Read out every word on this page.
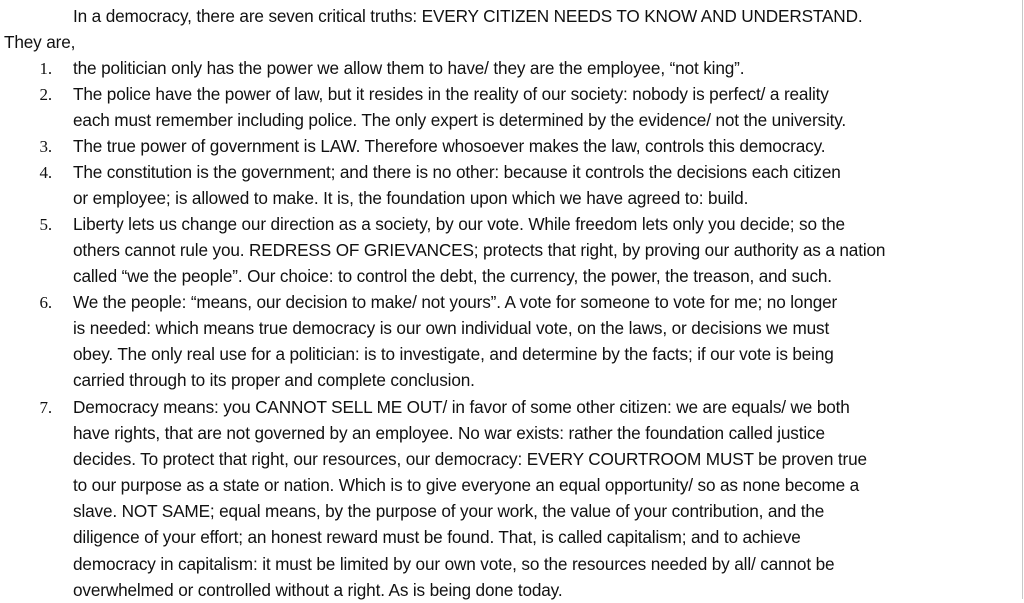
In a democracy, there are seven critical truths: EVERY CITIZEN NEEDS TO KNOW AND UNDERSTAND.
They are,
1. the politician only has the power we allow them to have/ they are the employee, “not king”.
2. The police have the power of law, but it resides in the reality of our society: nobody is perfect/ a reality
each must remember including police. The only expert is determined by the evidence/ not the university.
3. The true power of government is LAW. Therefore whosoever makes the law, controls this democracy.
4. The constitution is the government; and there is no other: because it controls the decisions each citizen
or employee; is allowed to make. It is, the foundation upon which we have agreed to: build.
5. Liberty lets us change our direction as a society, by our vote. While freedom lets only you decide; so the
others cannot rule you. REDRESS OF GRIEVANCES; protects that right, by proving our authority as a nation
called “we the people”. Our choice: to control the debt, the currency, the power, the treason, and such.
6. We the people: “means, our decision to make/ not yours”. A vote for someone to vote for me; no longer
is needed: which means true democracy is our own individual vote, on the laws, or decisions we must
obey. The only real use for a politician: is to investigate, and determine by the facts; if our vote is being
carried through to its proper and complete conclusion.
7. Democracy means: you CANNOT SELL ME OUT/ in favor of some other citizen: we are equals/ we both
have rights, that are not governed by an employee. No war exists: rather the foundation called justice
decides. To protect that right, our resources, our democracy: EVERY COURTROOM MUST be proven true
to our purpose as a state or nation. Which is to give everyone an equal opportunity/ so as none become a
slave. NOT SAME; equal means, by the purpose of your work, the value of your contribution, and the
diligence of your effort; an honest reward must be found. That, is called capitalism; and to achieve
democracy in capitalism: it must be limited by our own vote, so the resources needed by all/ cannot be
overwhelmed or controlled without a right. As is being done today.
